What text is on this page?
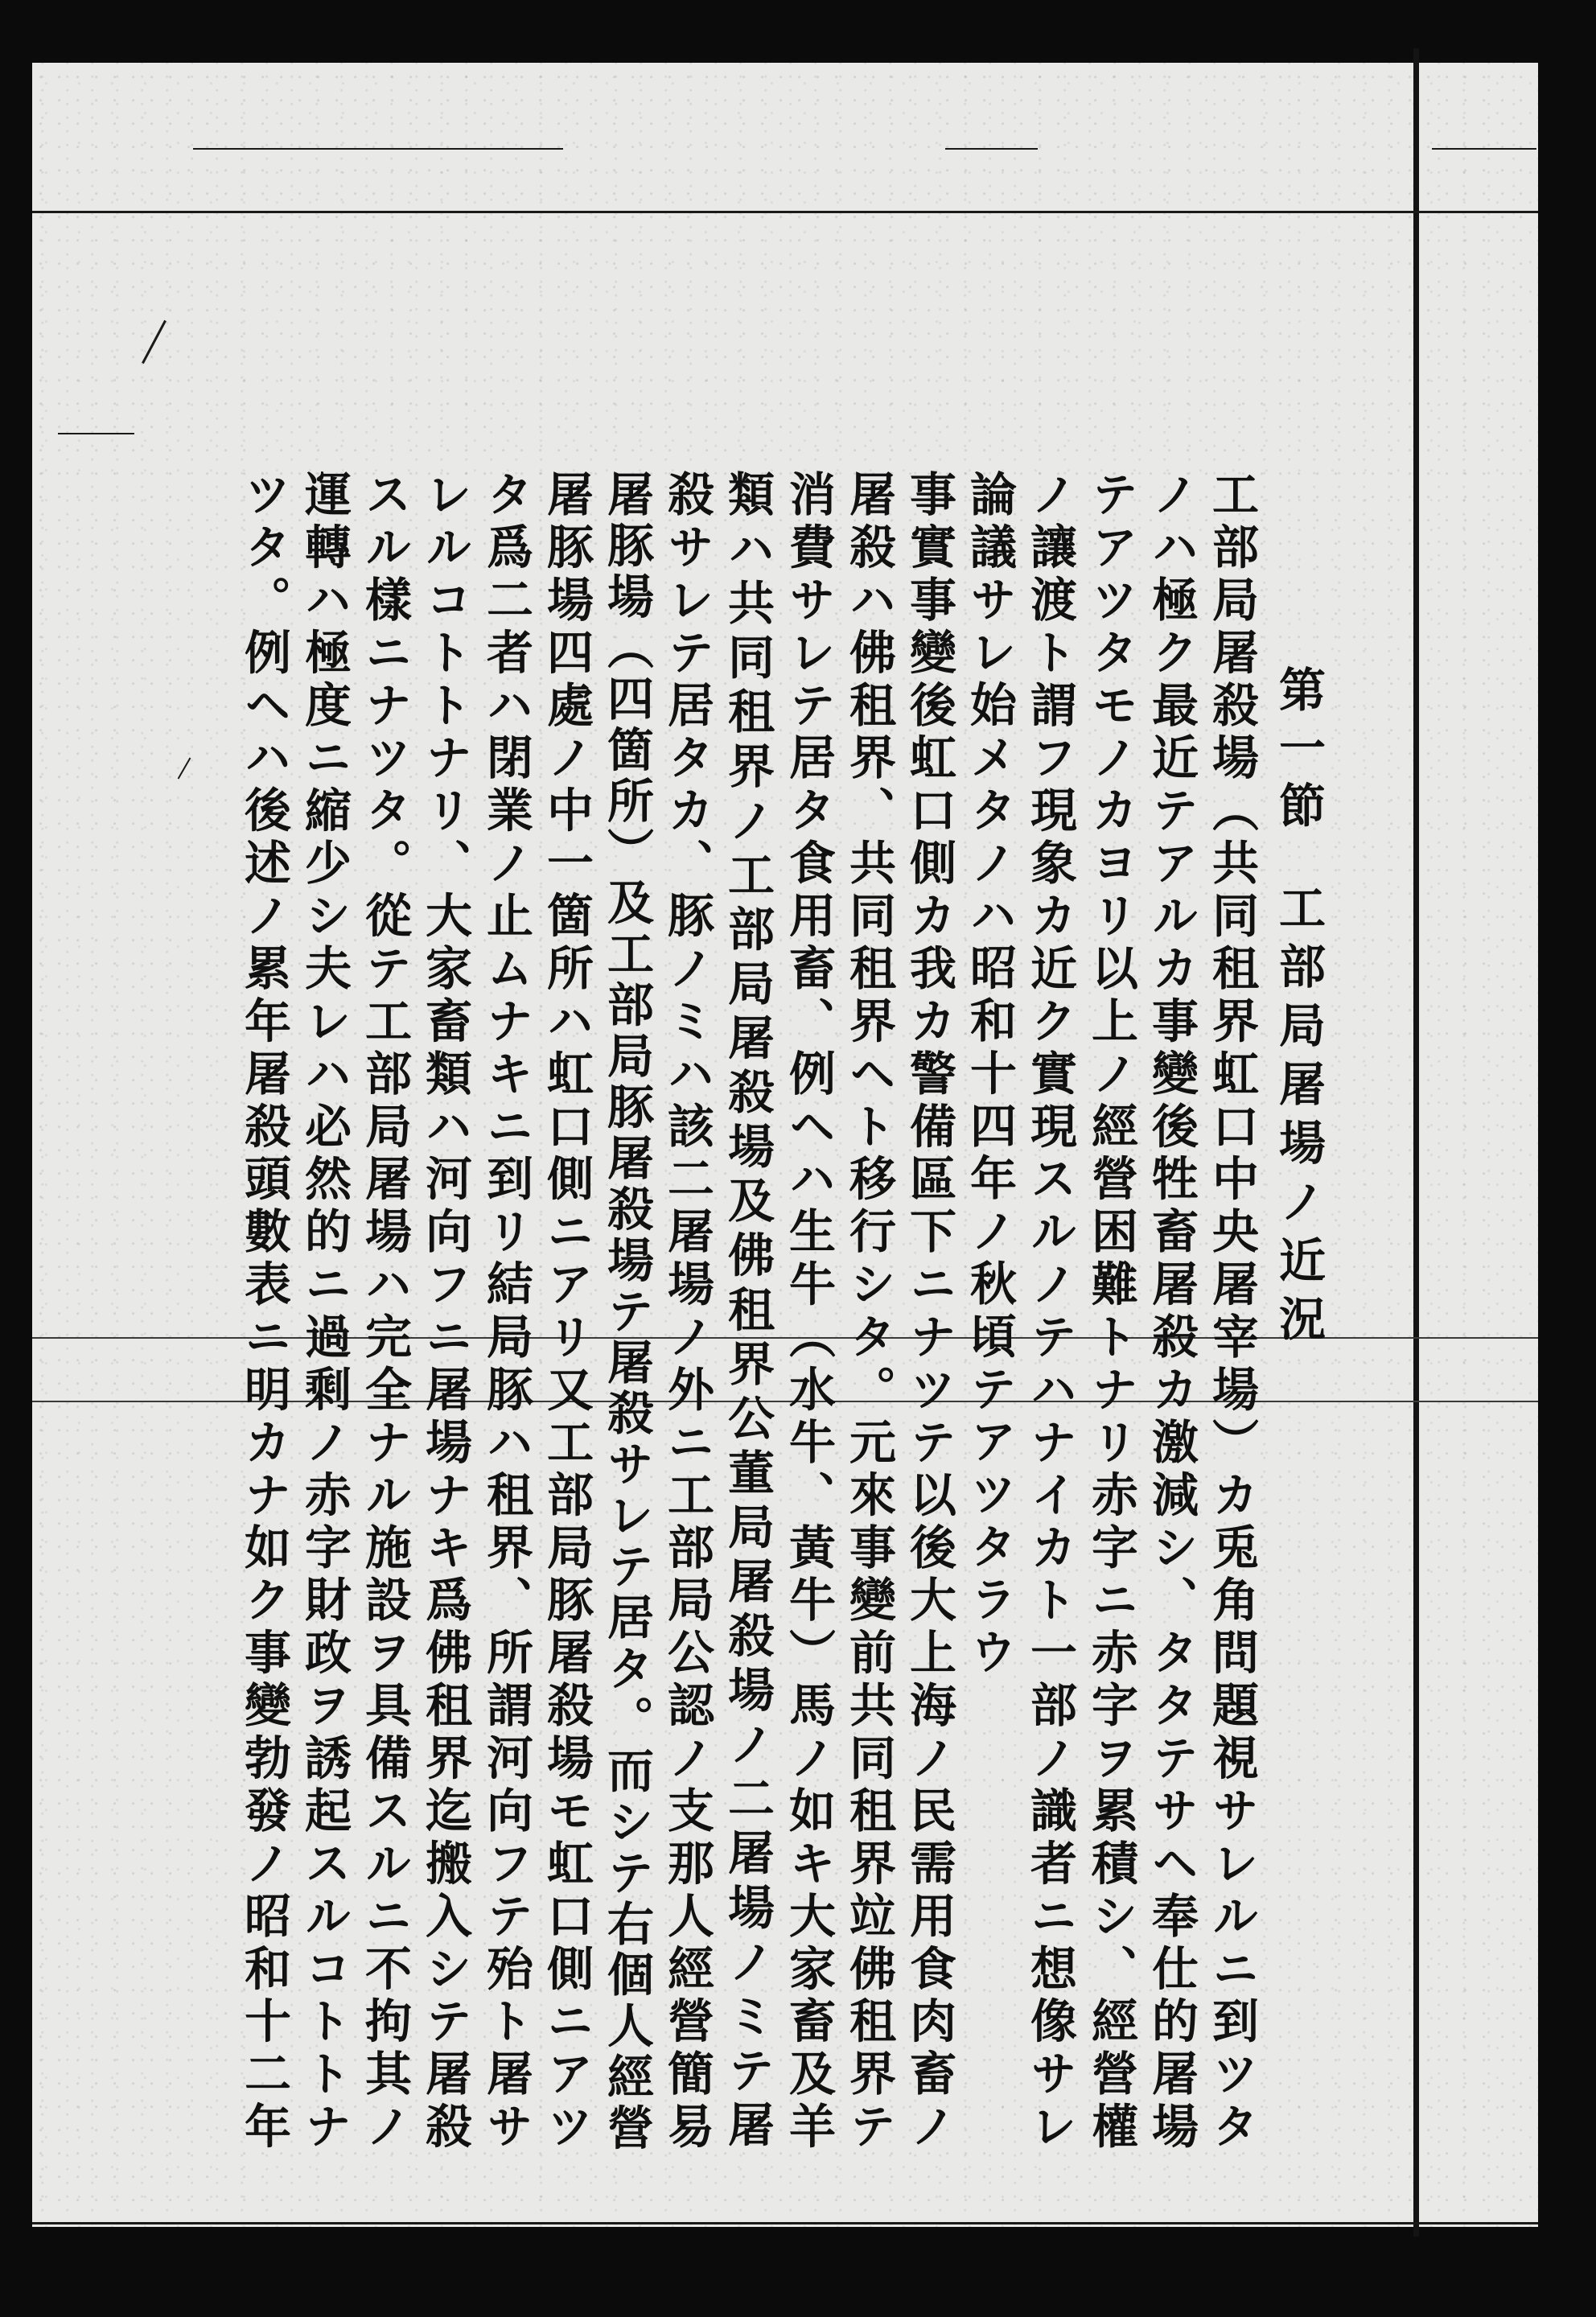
第一節
工部局屠場ノ近況
工部局屠殺場（共同租界虹口中央屠宰場）カ兎角問題視サレルニ到ツタ
ノハ極ク最近テアルカ事變後牲畜屠殺カ激減シ、タタテサヘ奉仕的屠場
テアツタモノカヨリ以上ノ經營困難トナリ赤字ニ赤字ヲ累積シ、經營權
ノ讓渡ト謂フ現象カ近ク實現スルノテハナイカト一部ノ識者ニ想像サレ
論議サレ始メタノハ昭和十四年ノ秋頃テアツタラウ
事實事變後虹口側カ我カ警備區下ニナツテ以後大上海ノ民需用食肉畜ノ
屠殺ハ佛租界、共同租界ヘト移行シタ。元來事變前共同租界竝佛租界テ
消費サレテ居タ食用畜、例ヘハ生牛（水牛、黃牛）馬ノ如キ大家畜及羊
類ハ共同租界ノ工部局屠殺場及佛租界公董局屠殺場ノ二屠場ノミテ屠
殺サレテ居タカ、豚ノミハ該二屠場ノ外ニ工部局公認ノ支那人經營簡易
屠豚場（四箇所）及工部局豚屠殺場テ屠殺サレテ居タ。而シテ右個人經營
屠豚場四處ノ中一箇所ハ虹口側ニアリ又工部局豚屠殺場モ虹口側ニアツ
タ爲二者ハ閉業ノ止ムナキニ到リ結局豚ハ租界、所謂河向フテ殆ト屠サ
レルコトトナリ、大家畜類ハ河向フニ屠場ナキ爲佛租界迄搬入シテ屠殺
スル樣ニナツタ。從テ工部局屠場ハ完全ナル施設ヲ具備スルニ不拘其ノ
運轉ハ極度ニ縮少シ夫レハ必然的ニ過剩ノ赤字財政ヲ誘起スルコトトナ
ツタ。例ヘハ後述ノ累年屠殺頭數表ニ明カナ如ク事變勃發ノ昭和十二年
